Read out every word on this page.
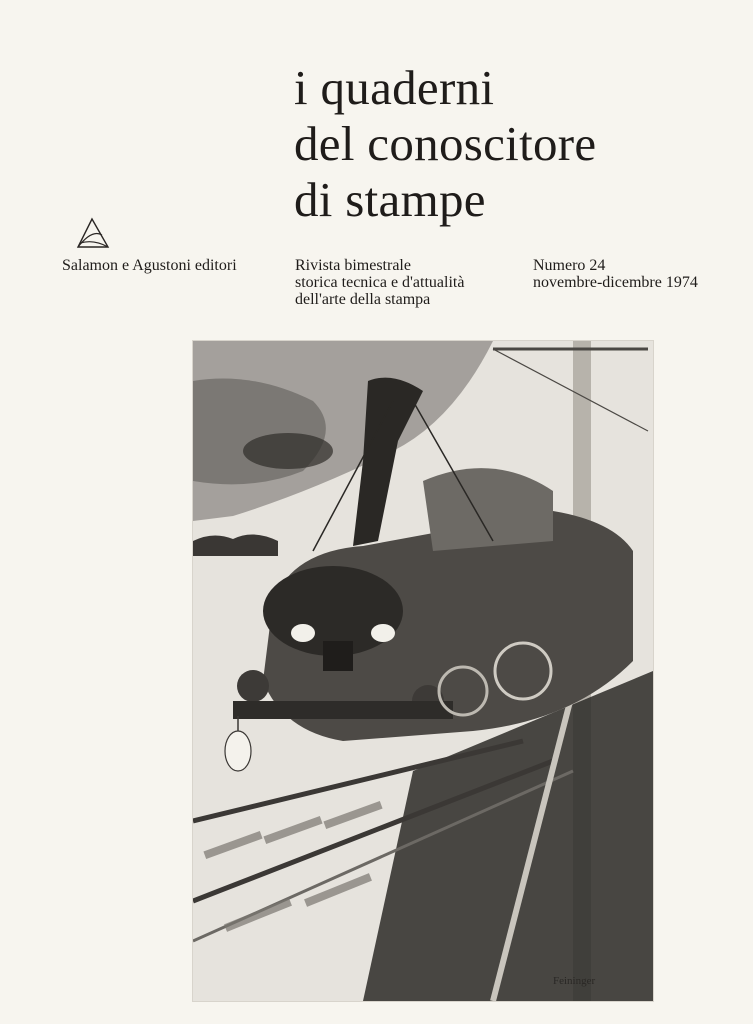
i quaderni
del conoscitore
di stampe
Salamon e Agustoni editori	Rivista bimestrale
storica tecnica e d'attualità
dell'arte della stampa
Numero 24
novembre-dicembre 1974
Feininger
